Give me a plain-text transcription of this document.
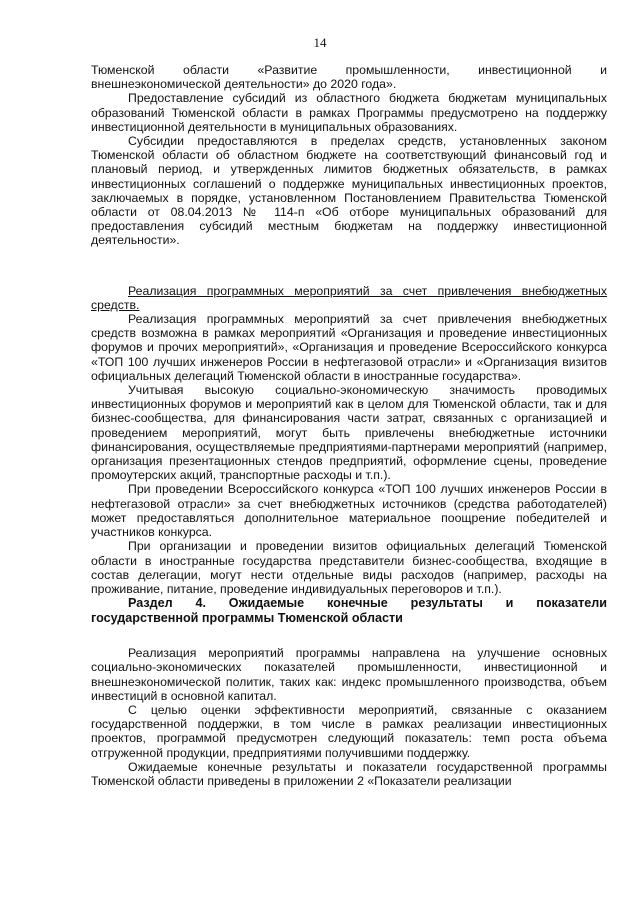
14

Тюменской области «Развитие промышленности, инвестиционной и внешнеэкономической деятельности» до 2020 года».

Предоставление субсидий из областного бюджета бюджетам муниципальных образований Тюменской области в рамках Программы предусмотрено на поддержку инвестиционной деятельности в муниципальных образованиях.

Субсидии предоставляются в пределах средств, установленных законом Тюменской области об областном бюджете на соответствующий финансовый год и плановый период, и утвержденных лимитов бюджетных обязательств, в рамках инвестиционных соглашений о поддержке муниципальных инвестиционных проектов, заключаемых в порядке, установленном Постановлением Правительства Тюменской области от 08.04.2013 № 114-п «Об отборе муниципальных образований для предоставления субсидий местным бюджетам на поддержку инвестиционной деятельности».

Реализация программных мероприятий за счет привлечения внебюджетных средств.

Реализация программных мероприятий за счет привлечения внебюджетных средств возможна в рамках мероприятий «Организация и проведение инвестиционных форумов и прочих мероприятий», «Организация и проведение Всероссийского конкурса «ТОП 100 лучших инженеров России в нефтегазовой отрасли» и «Организация визитов официальных делегаций Тюменской области в иностранные государства».

Учитывая высокую социально-экономическую значимость проводимых инвестиционных форумов и мероприятий как в целом для Тюменской области, так и для бизнес-сообщества, для финансирования части затрат, связанных с организацией и проведением мероприятий, могут быть привлечены внебюджетные источники финансирования, осуществляемые предприятиями-партнерами мероприятий (например, организация презентационных стендов предприятий, оформление сцены, проведение промоутерских акций, транспортные расходы и т.п.).

При проведении Всероссийского конкурса «ТОП 100 лучших инженеров России в нефтегазовой отрасли» за счет внебюджетных источников (средства работодателей) может предоставляться дополнительное материальное поощрение победителей и участников конкурса.

При организации и проведении визитов официальных делегаций Тюменской области в иностранные государства представители бизнес-сообщества, входящие в состав делегации, могут нести отдельные виды расходов (например, расходы на проживание, питание, проведение индивидуальных переговоров и т.п.).

Раздел 4. Ожидаемые конечные результаты и показатели
государственной программы Тюменской области

Реализация мероприятий программы направлена на улучшение основных социально-экономических показателей промышленности, инвестиционной и внешнеэкономической политик, таких как: индекс промышленного производства, объем инвестиций в основной капитал.

С целью оценки эффективности мероприятий, связанные с оказанием государственной поддержки, в том числе в рамках реализации инвестиционных проектов, программой предусмотрен следующий показатель: темп роста объема отгруженной продукции, предприятиями получившими поддержку.

Ожидаемые конечные результаты и показатели государственной программы Тюменской области приведены в приложении 2 «Показатели реализации
